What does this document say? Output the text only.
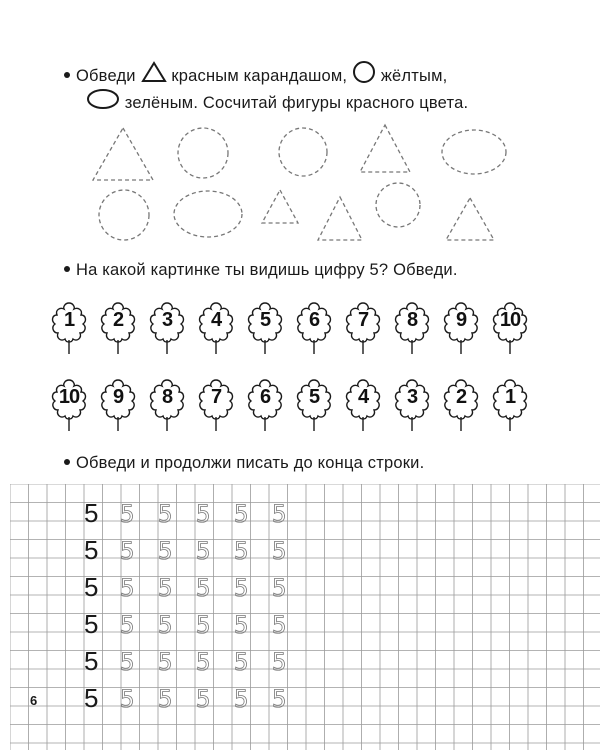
Обведи красным карандашом, жёлтым,
зелёным. Сосчитай фигуры красного цвета.
На какой картинке ты видишь цифру 5? Обведи.
1	2	3	4	5	6	7	8	9	10
10	9	8	7	6	5	4	3	2	1
Обведи и продолжи писать до конца строки.
5 5 5 5 5 5
5 5 5 5 5 5
5 5 5 5 5 5
5 5 5 5 5 5
5 5 5 5 5 5
5 5 5 5 5 5
6
